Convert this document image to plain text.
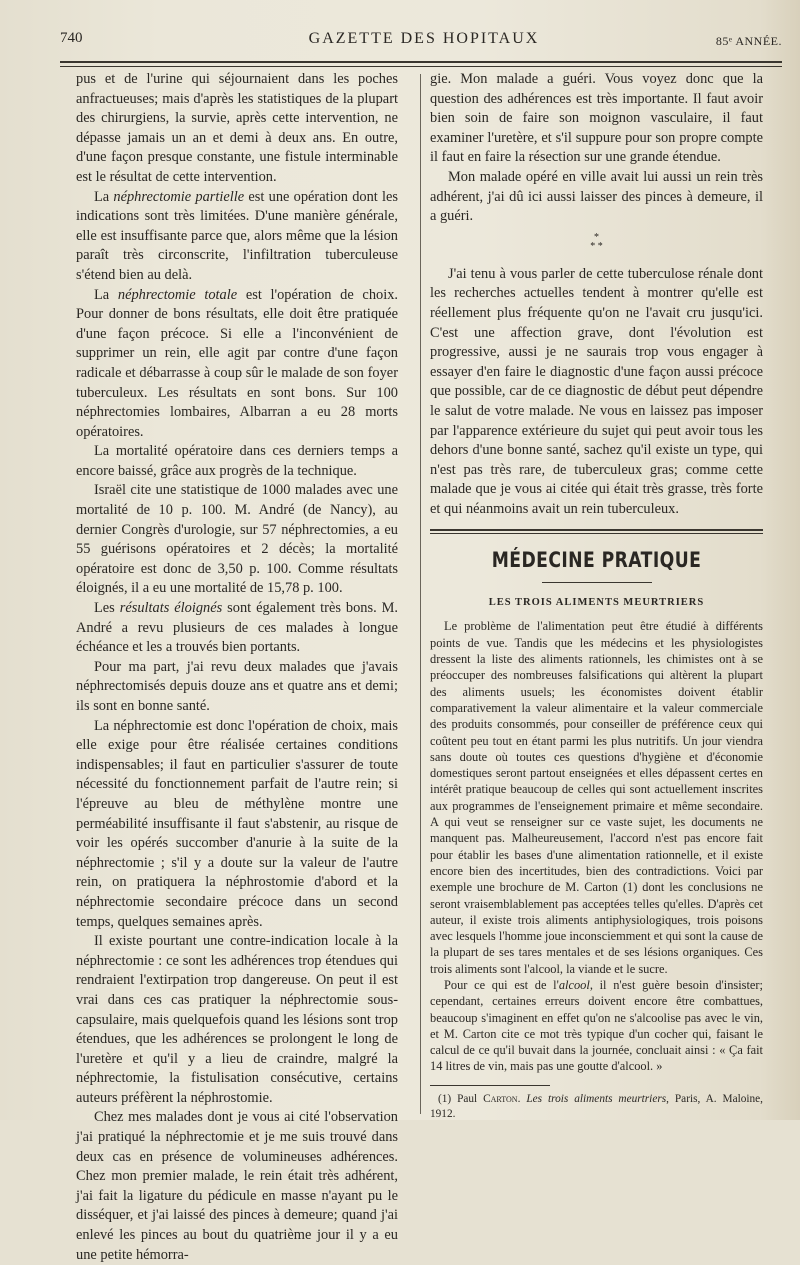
740	GAZETTE DES HOPITAUX	85ᵉ ANNÉE.

pus et de l'urine qui séjournaient dans les poches anfractueuses; mais d'après les statistiques de la plupart des chirurgiens, la survie, après cette intervention, ne dépasse jamais un an et demi à deux ans. En outre, d'une façon presque constante, une fistule interminable est le résultat de cette intervention.

La néphrectomie partielle est une opération dont les indications sont très limitées. D'une manière générale, elle est insuffisante parce que, alors même que la lésion paraît très circonscrite, l'infiltration tuberculeuse s'étend bien au delà.

La néphrectomie totale est l'opération de choix. Pour donner de bons résultats, elle doit être pratiquée d'une façon précoce. Si elle a l'inconvénient de supprimer un rein, elle agit par contre d'une façon radicale et débarrasse à coup sûr le malade de son foyer tuberculeux. Les résultats en sont bons. Sur 100 néphrectomies lombaires, Albarran a eu 28 morts opératoires.

La mortalité opératoire dans ces derniers temps a encore baissé, grâce aux progrès de la technique.

Israël cite une statistique de 1000 malades avec une mortalité de 10 p. 100. M. André (de Nancy), au dernier Congrès d'urologie, sur 57 néphrectomies, a eu 55 guérisons opératoires et 2 décès; la mortalité opératoire est donc de 3,50 p. 100. Comme résultats éloignés, il a eu une mortalité de 15,78 p. 100.

Les résultats éloignés sont également très bons. M. André a revu plusieurs de ces malades à longue échéance et les a trouvés bien portants.

Pour ma part, j'ai revu deux malades que j'avais néphrectomisés depuis douze ans et quatre ans et demi; ils sont en bonne santé.

La néphrectomie est donc l'opération de choix, mais elle exige pour être réalisée certaines conditions indispensables; il faut en particulier s'assurer de toute nécessité du fonctionnement parfait de l'autre rein; si l'épreuve au bleu de méthylène montre une perméabilité insuffisante il faut s'abstenir, au risque de voir les opérés succomber d'anurie à la suite de la néphrectomie ; s'il y a doute sur la valeur de l'autre rein, on pratiquera la néphrostomie d'abord et la néphrectomie secondaire précoce dans un second temps, quelques semaines après.

Il existe pourtant une contre-indication locale à la néphrectomie : ce sont les adhérences trop étendues qui rendraient l'extirpation trop dangereuse. On peut il est vrai dans ces cas pratiquer la néphrectomie sous-capsulaire, mais quelquefois quand les lésions sont trop étendues, que les adhérences se prolongent le long de l'uretère et qu'il y a lieu de craindre, malgré la néphrectomie, la fistulisation consécutive, certains auteurs préfèrent la néphrostomie.

Chez mes malades dont je vous ai cité l'observation j'ai pratiqué la néphrectomie et je me suis trouvé dans deux cas en présence de volumineuses adhérences. Chez mon premier malade, le rein était très adhérent, j'ai fait la ligature du pédicule en masse n'ayant pu le disséquer, et j'ai laissé des pinces à demeure; quand j'ai enlevé les pinces au bout du quatrième jour il y a eu une petite hémorra-

gie. Mon malade a guéri. Vous voyez donc que la question des adhérences est très importante. Il faut avoir bien soin de faire son moignon vasculaire, il faut examiner l'uretère, et s'il suppure pour son propre compte il faut en faire la résection sur une grande étendue.

Mon malade opéré en ville avait lui aussi un rein très adhérent, j'ai dû ici aussi laisser des pinces à demeure, il a guéri.

*
* *

J'ai tenu à vous parler de cette tuberculose rénale dont les recherches actuelles tendent à montrer qu'elle est réellement plus fréquente qu'on ne l'avait cru jusqu'ici. C'est une affection grave, dont l'évolution est progressive, aussi je ne saurais trop vous engager à essayer d'en faire le diagnostic d'une façon aussi précoce que possible, car de ce diagnostic de début peut dépendre le salut de votre malade. Ne vous en laissez pas imposer par l'apparence extérieure du sujet qui peut avoir tous les dehors d'une bonne santé, sachez qu'il existe un type, qui n'est pas très rare, de tuberculeux gras; comme cette malade que je vous ai citée qui était très grasse, très forte et qui néanmoins avait un rein tuberculeux.

MÉDECINE PRATIQUE
LES TROIS ALIMENTS MEURTRIERS

Le problème de l'alimentation peut être étudié à différents points de vue. Tandis que les médecins et les physiologistes dressent la liste des aliments rationnels, les chimistes ont à se préoccuper des nombreuses falsifications qui altèrent la plupart des aliments usuels; les économistes doivent établir comparativement la valeur alimentaire et la valeur commerciale des produits consommés, pour conseiller de préférence ceux qui coûtent peu tout en étant parmi les plus nutritifs. Un jour viendra sans doute où toutes ces questions d'hygiène et d'économie domestiques seront partout enseignées et elles dépassent certes en intérêt pratique beaucoup de celles qui sont actuellement inscrites aux programmes de l'enseignement primaire et même secondaire. A qui veut se renseigner sur ce vaste sujet, les documents ne manquent pas. Malheureusement, l'accord n'est pas encore fait pour établir les bases d'une alimentation rationnelle, et il existe encore bien des incertitudes, bien des contradictions. Voici par exemple une brochure de M. Carton (1) dont les conclusions ne seront vraisemblablement pas acceptées telles qu'elles. D'après cet auteur, il existe trois aliments antiphysiologiques, trois poisons avec lesquels l'homme joue inconsciemment et qui sont la cause de la plupart de ses tares mentales et de ses lésions organiques. Ces trois aliments sont l'alcool, la viande et le sucre.

Pour ce qui est de l'alcool, il n'est guère besoin d'insister; cependant, certaines erreurs doivent encore être combattues, beaucoup s'imaginent en effet qu'on ne s'alcoolise pas avec le vin, et M. Carton cite ce mot très typique d'un cocher qui, faisant le calcul de ce qu'il buvait dans la journée, concluait ainsi : « Ça fait 14 litres de vin, mais pas une goutte d'alcool. »

(1) Paul Carton. Les trois aliments meurtriers, Paris, A. Maloine, 1912.
